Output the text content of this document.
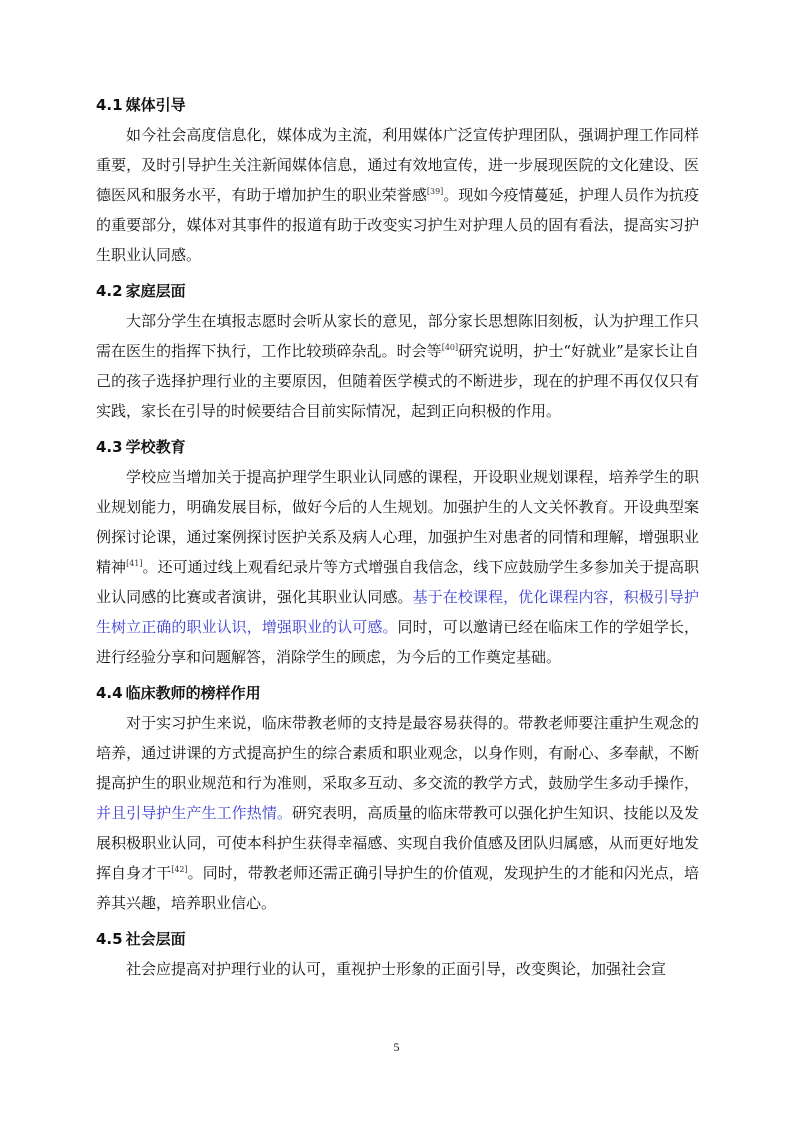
4.1 媒体引导

如今社会高度信息化，媒体成为主流，利用媒体广泛宣传护理团队，强调护理工作同样重要，及时引导护生关注新闻媒体信息，通过有效地宣传，进一步展现医院的文化建设、医德医风和服务水平，有助于增加护生的职业荣誉感[39]。现如今疫情蔓延，护理人员作为抗疫的重要部分，媒体对其事件的报道有助于改变实习护生对护理人员的固有看法，提高实习护生职业认同感。

4.2 家庭层面

大部分学生在填报志愿时会听从家长的意见，部分家长思想陈旧刻板，认为护理工作只需在医生的指挥下执行，工作比较琐碎杂乱。时会等[40]研究说明，护士“好就业”是家长让自己的孩子选择护理行业的主要原因，但随着医学模式的不断进步，现在的护理不再仅仅只有实践，家长在引导的时候要结合目前实际情况，起到正向积极的作用。

4.3 学校教育

学校应当增加关于提高护理学生职业认同感的课程，开设职业规划课程，培养学生的职业规划能力，明确发展目标，做好今后的人生规划。加强护生的人文关怀教育。开设典型案例探讨论课，通过案例探讨医护关系及病人心理，加强护生对患者的同情和理解，增强职业精神[41]。还可通过线上观看纪录片等方式增强自我信念，线下应鼓励学生多参加关于提高职业认同感的比赛或者演讲，强化其职业认同感。基于在校课程，优化课程内容，积极引导护生树立正确的职业认识，增强职业的认可感。同时，可以邀请已经在临床工作的学姐学长，进行经验分享和问题解答，消除学生的顾虑，为今后的工作奠定基础。

4.4 临床教师的榜样作用

对于实习护生来说，临床带教老师的支持是最容易获得的。带教老师要注重护生观念的培养，通过讲课的方式提高护生的综合素质和职业观念，以身作则，有耐心、多奉献，不断提高护生的职业规范和行为准则，采取多互动、多交流的教学方式，鼓励学生多动手操作，并且引导护生产生工作热情。研究表明，高质量的临床带教可以强化护生知识、技能以及发展积极职业认同，可使本科护生获得幸福感、实现自我价值感及团队归属感，从而更好地发挥自身才干[42]。同时，带教老师还需正确引导护生的价值观，发现护生的才能和闪光点，培养其兴趣，培养职业信心。

4.5 社会层面

社会应提高对护理行业的认可，重视护士形象的正面引导，改变舆论，加强社会宣

5
